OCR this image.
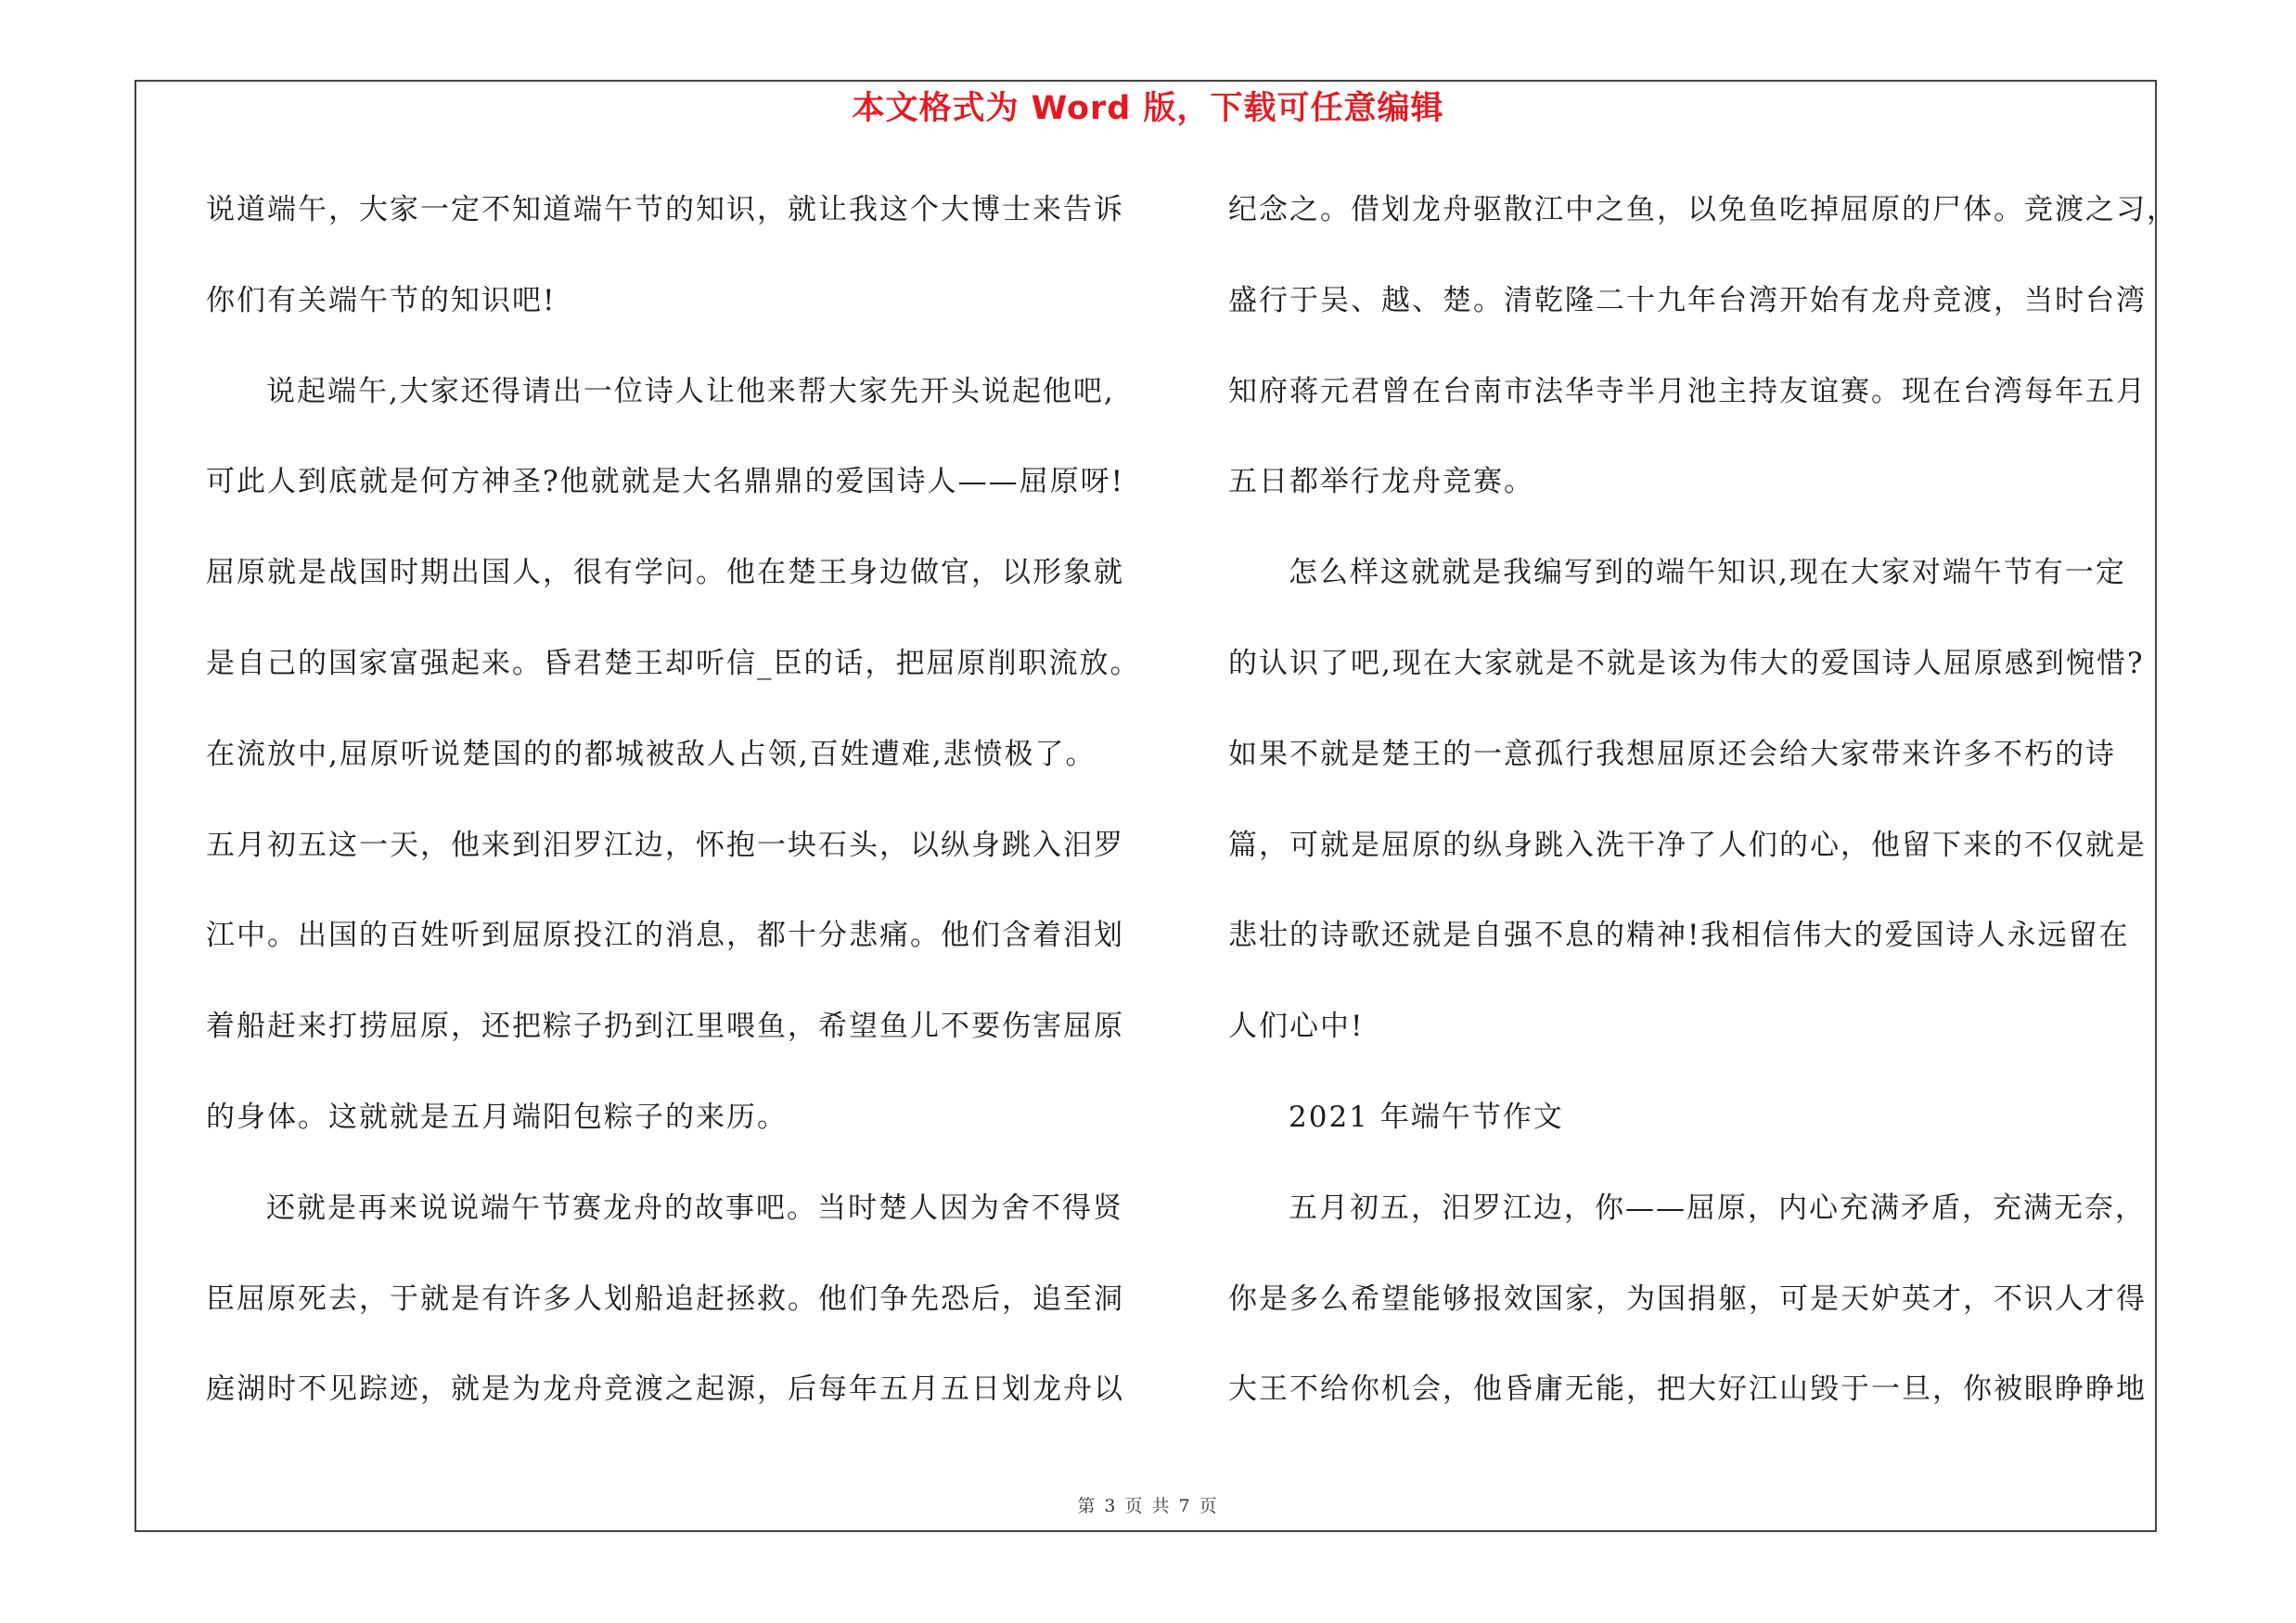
本文格式为 Word 版，下载可任意编辑
说道端午，大家一定不知道端午节的知识，就让我这个大博士来告诉
你们有关端午节的知识吧!
说起端午,大家还得请出一位诗人让他来帮大家先开头说起他吧,
可此人到底就是何方神圣?他就就是大名鼎鼎的爱国诗人——屈原呀!
屈原就是战国时期出国人，很有学问。他在楚王身边做官，以形象就
是自己的国家富强起来。昏君楚王却听信_臣的话，把屈原削职流放。
在流放中,屈原听说楚国的的都城被敌人占领,百姓遭难,悲愤极了。
五月初五这一天，他来到汨罗江边，怀抱一块石头，以纵身跳入汨罗
江中。出国的百姓听到屈原投江的消息，都十分悲痛。他们含着泪划
着船赶来打捞屈原，还把粽子扔到江里喂鱼，希望鱼儿不要伤害屈原
的身体。这就就是五月端阳包粽子的来历。
还就是再来说说端午节赛龙舟的故事吧。当时楚人因为舍不得贤
臣屈原死去，于就是有许多人划船追赶拯救。他们争先恐后，追至洞
庭湖时不见踪迹，就是为龙舟竞渡之起源，后每年五月五日划龙舟以
纪念之。借划龙舟驱散江中之鱼，以免鱼吃掉屈原的尸体。竞渡之习，
盛行于吴、越、楚。清乾隆二十九年台湾开始有龙舟竞渡，当时台湾
知府蒋元君曾在台南市法华寺半月池主持友谊赛。现在台湾每年五月
五日都举行龙舟竞赛。
怎么样这就就是我编写到的端午知识,现在大家对端午节有一定
的认识了吧,现在大家就是不就是该为伟大的爱国诗人屈原感到惋惜?
如果不就是楚王的一意孤行我想屈原还会给大家带来许多不朽的诗
篇，可就是屈原的纵身跳入洗干净了人们的心，他留下来的不仅就是
悲壮的诗歌还就是自强不息的精神!我相信伟大的爱国诗人永远留在
人们心中!
2021 年端午节作文
五月初五，汨罗江边，你——屈原，内心充满矛盾，充满无奈，
你是多么希望能够报效国家，为国捐躯，可是天妒英才，不识人才得
大王不给你机会，他昏庸无能，把大好江山毁于一旦，你被眼睁睁地
第 3 页 共 7 页
